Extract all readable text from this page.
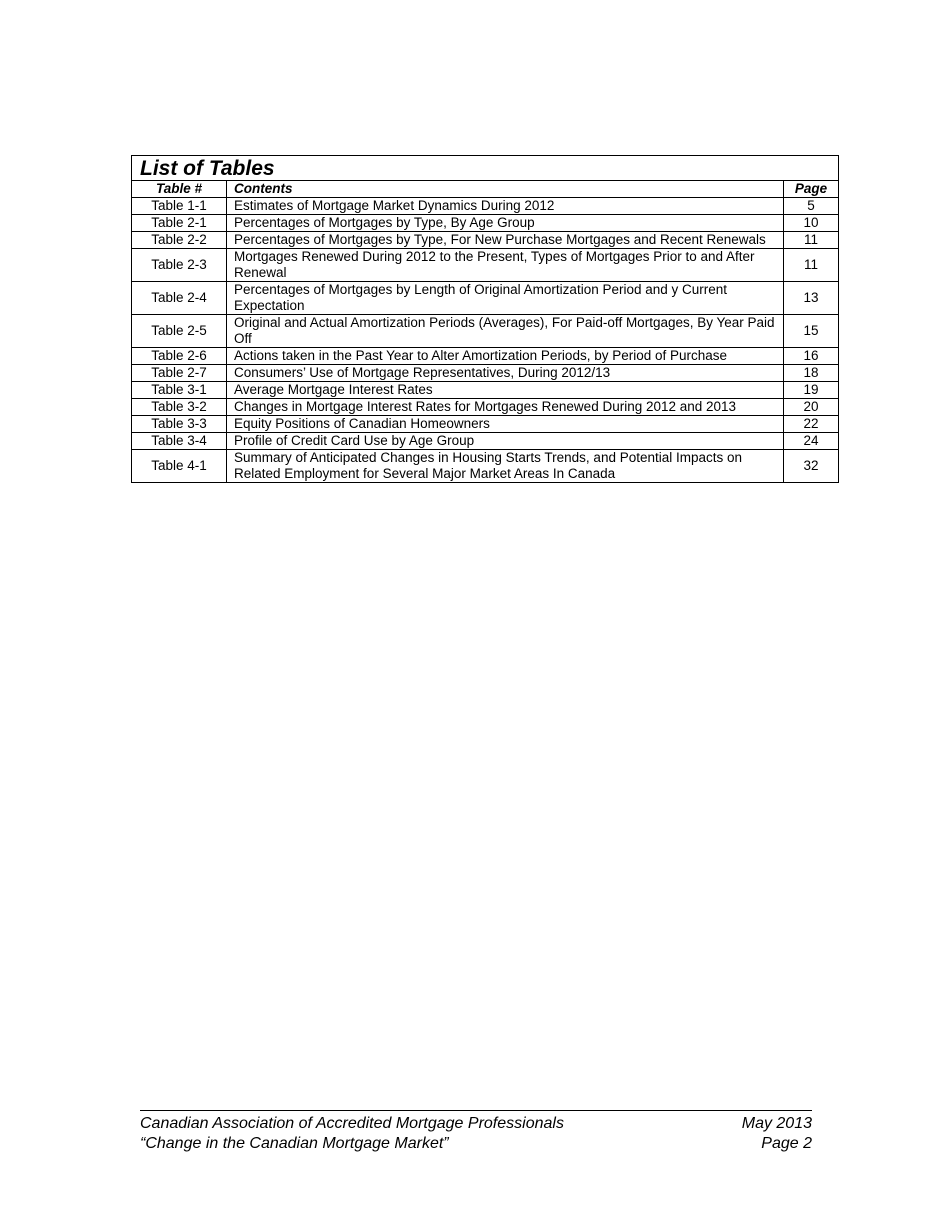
List of Tables		
Table #	Contents	Page
Table 1-1	Estimates of Mortgage Market Dynamics During 2012	5
Table 2-1	Percentages of Mortgages by Type, By Age Group	10
Table 2-2	Percentages of Mortgages by Type, For New Purchase Mortgages and Recent Renewals	11
Table 2-3	Mortgages Renewed During 2012 to the Present, Types of Mortgages Prior to and After Renewal	11
Table 2-4	Percentages of Mortgages by Length of Original Amortization Period and y Current Expectation	13
Table 2-5	Original and Actual Amortization Periods (Averages), For Paid-off Mortgages, By Year Paid Off	15
Table 2-6	Actions taken in the Past Year to Alter Amortization Periods, by Period of Purchase	16
Table 2-7	Consumers’ Use of Mortgage Representatives, During 2012/13	18
Table 3-1	Average Mortgage Interest Rates	19
Table 3-2	Changes in Mortgage Interest Rates for Mortgages Renewed During 2012 and 2013	20
Table 3-3	Equity Positions of Canadian Homeowners	22
Table 3-4	Profile of Credit Card Use by Age Group	24
Table 4-1	Summary of Anticipated Changes in Housing Starts Trends, and Potential Impacts on Related Employment for Several Major Market Areas In Canada	32
Canadian Association of Accredited Mortgage Professionals	May 2013
“Change in the Canadian Mortgage Market”	Page 2
